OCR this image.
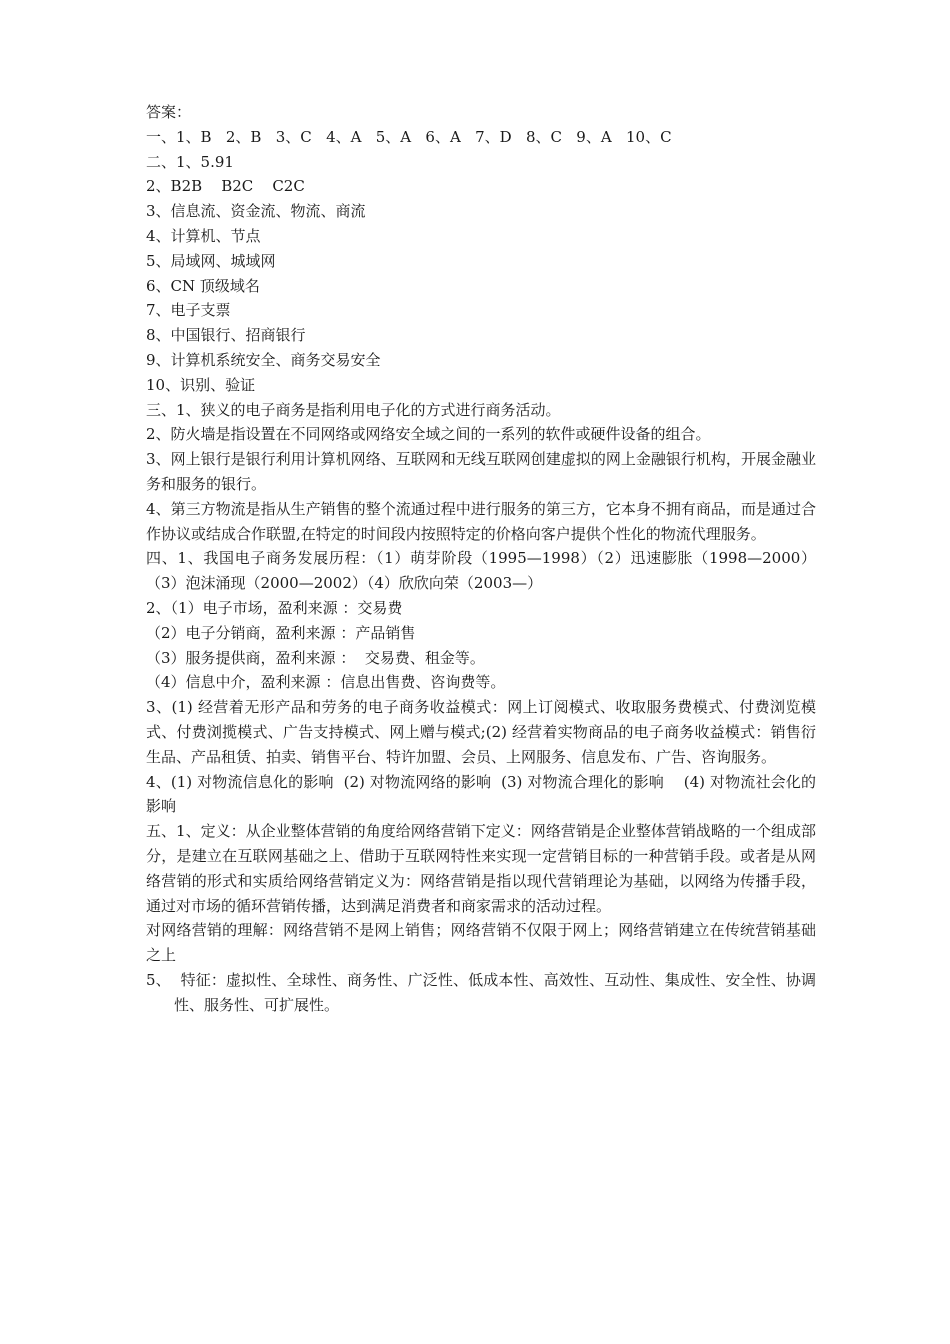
答案：
一、1、B   2、B   3、C   4、A   5、A   6、A   7、D   8、C   9、A   10、C
二、1、5.91
2、B2B    B2C    C2C
3、信息流、资金流、物流、商流
4、计算机、节点
5、局域网、城域网
6、CN 顶级域名
7、电子支票
8、中国银行、招商银行
9、计算机系统安全、商务交易安全
10、识别、验证
三、1、狭义的电子商务是指利用电子化的方式进行商务活动。
2、防火墙是指设置在不同网络或网络安全域之间的一系列的软件或硬件设备的组合。
3、网上银行是银行利用计算机网络、互联网和无线互联网创建虚拟的网上金融银行机构，开展金融业务和服务的银行。
4、第三方物流是指从生产销售的整个流通过程中进行服务的第三方，它本身不拥有商品，而是通过合作协议或结成合作联盟,在特定的时间段内按照特定的价格向客户提供个性化的物流代理服务。
四、1、我国电子商务发展历程：（1）萌芽阶段（1995—1998）（2）迅速膨胀（1998—2000）（3）泡沫涌现（2000—2002）（4）欣欣向荣（2003—）
2、（1）电子市场，盈利来源 ：交易费
（2）电子分销商，盈利来源 ：产品销售
（3）服务提供商，盈利来源 ：  交易费、租金等。
（4）信息中介，盈利来源 ：信息出售费、咨询费等。
3、(1) 经营着无形产品和劳务的电子商务收益模式：网上订阅模式、收取服务费模式、付费浏览模式、付费浏揽模式、广告支持模式、网上赠与模式;(2) 经营着实物商品的电子商务收益模式：销售衍生品、产品租赁、拍卖、销售平台、特许加盟、会员、上网服务、信息发布、广告、咨询服务。
4、(1) 对物流信息化的影响  (2) 对物流网络的影响  (3) 对物流合理化的影响    (4) 对物流社会化的影响
五、1、定义：从企业整体营销的角度给网络营销下定义：网络营销是企业整体营销战略的一个组成部分，是建立在互联网基础之上、借助于互联网特性来实现一定营销目标的一种营销手段。或者是从网络营销的形式和实质给网络营销定义为：网络营销是指以现代营销理论为基础，以网络为传播手段，通过对市场的循环营销传播，达到满足消费者和商家需求的活动过程。
对网络营销的理解：网络营销不是网上销售；网络营销不仅限于网上；网络营销建立在传统营销基础之上
5、  特征：虚拟性、全球性、商务性、广泛性、低成本性、高效性、互动性、集成性、安全性、协调性、服务性、可扩展性。
